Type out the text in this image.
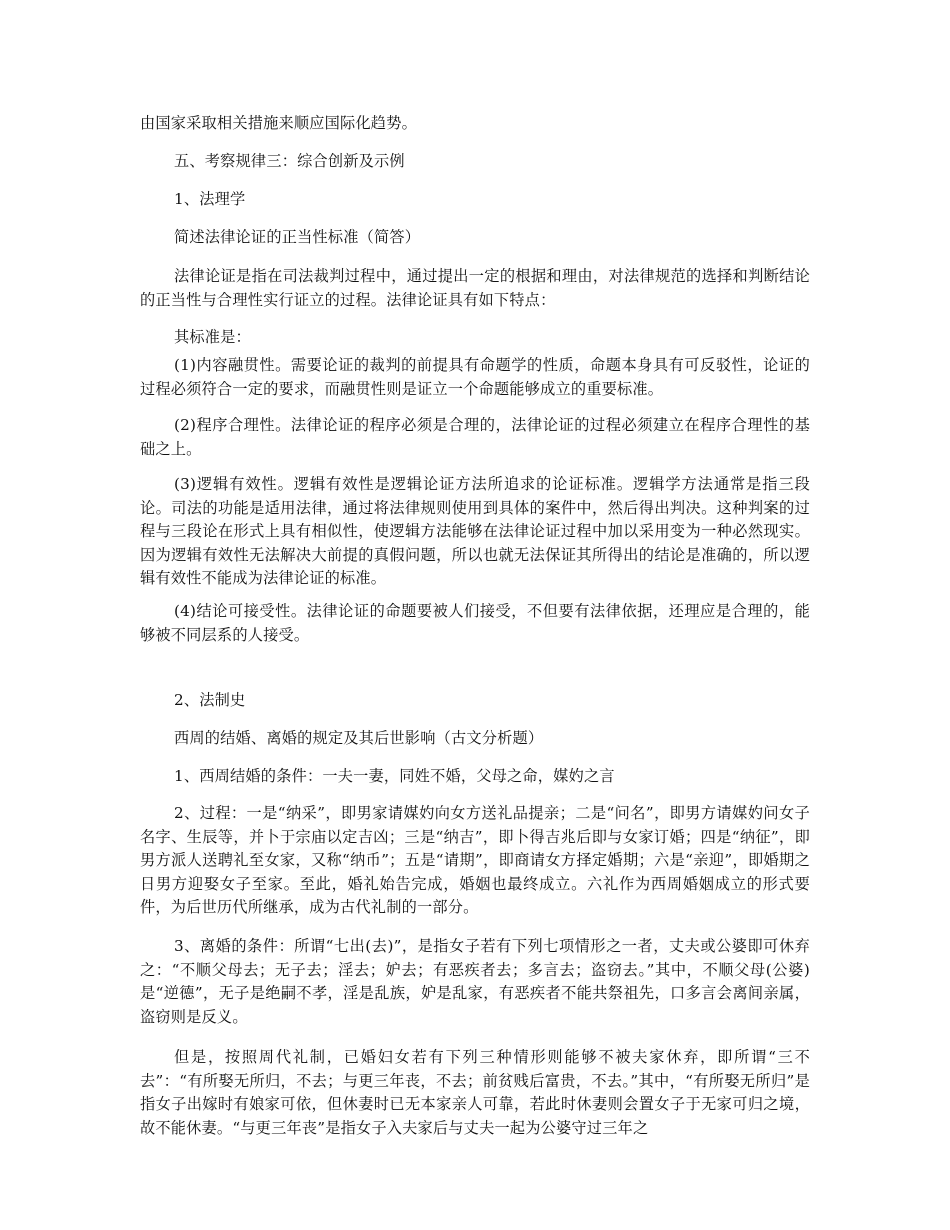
由国家采取相关措施来顺应国际化趋势。

五、考察规律三：综合创新及示例

1、法理学

简述法律论证的正当性标准（简答）

法律论证是指在司法裁判过程中，通过提出一定的根据和理由，对法律规范的选择和判断结论的正当性与合理性实行证立的过程。法律论证具有如下特点：

其标准是：

(1)内容融贯性。需要论证的裁判的前提具有命题学的性质，命题本身具有可反驳性，论证的过程必须符合一定的要求，而融贯性则是证立一个命题能够成立的重要标准。

(2)程序合理性。法律论证的程序必须是合理的，法律论证的过程必须建立在程序合理性的基础之上。

(3)逻辑有效性。逻辑有效性是逻辑论证方法所追求的论证标准。逻辑学方法通常是指三段论。司法的功能是适用法律，通过将法律规则使用到具体的案件中，然后得出判决。这种判案的过程与三段论在形式上具有相似性，使逻辑方法能够在法律论证过程中加以采用变为一种必然现实。因为逻辑有效性无法解决大前提的真假问题，所以也就无法保证其所得出的结论是准确的，所以逻辑有效性不能成为法律论证的标准。

(4)结论可接受性。法律论证的命题要被人们接受，不但要有法律依据，还理应是合理的，能够被不同层系的人接受。

2、法制史

西周的结婚、离婚的规定及其后世影响（古文分析题）

1、西周结婚的条件：一夫一妻，同姓不婚，父母之命，媒妁之言

2、过程：一是“纳采”，即男家请媒妁向女方送礼品提亲；二是“问名”，即男方请媒妁问女子名字、生辰等，并卜于宗庙以定吉凶；三是“纳吉”，即卜得吉兆后即与女家订婚；四是“纳征”，即男方派人送聘礼至女家，又称“纳币”；五是“请期”，即商请女方择定婚期；六是“亲迎”，即婚期之日男方迎娶女子至家。至此，婚礼始告完成，婚姻也最终成立。六礼作为西周婚姻成立的形式要件，为后世历代所继承，成为古代礼制的一部分。

3、离婚的条件：所谓“七出(去)”，是指女子若有下列七项情形之一者，丈夫或公婆即可休弃之：“不顺父母去；无子去；淫去；妒去；有恶疾者去；多言去；盗窃去。”其中，不顺父母(公婆)是“逆德”，无子是绝嗣不孝，淫是乱族，妒是乱家，有恶疾者不能共祭祖先，口多言会离间亲属，盗窃则是反义。

但是，按照周代礼制，已婚妇女若有下列三种情形则能够不被夫家休弃，即所谓“三不去”：“有所娶无所归，不去；与更三年丧，不去；前贫贱后富贵，不去。”其中，“有所娶无所归”是指女子出嫁时有娘家可依，但休妻时已无本家亲人可靠，若此时休妻则会置女子于无家可归之境，故不能休妻。“与更三年丧”是指女子入夫家后与丈夫一起为公婆守过三年之
